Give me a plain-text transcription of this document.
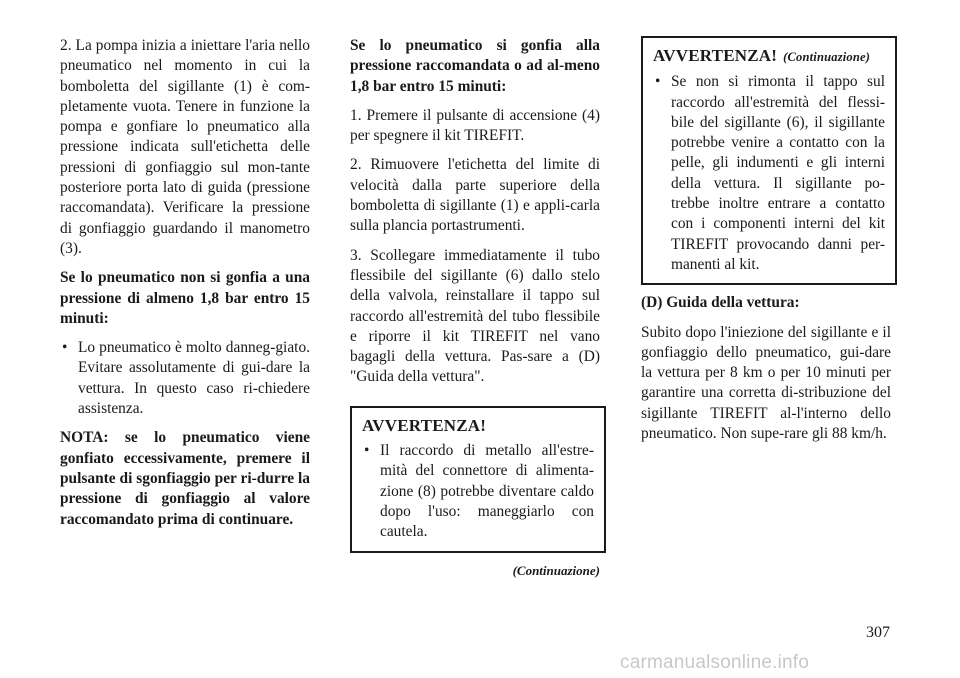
2. La pompa inizia a iniettare l'aria nello pneumatico nel momento in cui la bomboletta del sigillante (1) è com-pletamente vuota. Tenere in funzione la pompa e gonfiare lo pneumatico alla pressione indicata sull'etichetta delle pressioni di gonfiaggio sul mon-tante posteriore porta lato di guida (pressione raccomandata). Verificare la pressione di gonfiaggio guardando il manometro (3).

Se lo pneumatico non si gonfia a una pressione di almeno 1,8 bar entro 15 minuti:

• Lo pneumatico è molto danneg-giato. Evitare assolutamente di gui-dare la vettura. In questo caso ri-chiedere assistenza.

NOTA: se lo pneumatico viene gonfiato eccessivamente, premere il pulsante di sgonfiaggio per ri-durre la pressione di gonfiaggio al valore raccomandato prima di continuare.

Se lo pneumatico si gonfia alla pressione raccomandata o ad al-meno 1,8 bar entro 15 minuti:

1. Premere il pulsante di accensione (4) per spegnere il kit TIREFIT.

2. Rimuovere l'etichetta del limite di velocità dalla parte superiore della bomboletta di sigillante (1) e appli-carla sulla plancia portastrumenti.

3. Scollegare immediatamente il tubo flessibile del sigillante (6) dallo stelo della valvola, reinstallare il tappo sul raccordo all'estremità del tubo flessibile e riporre il kit TIREFIT nel vano bagagli della vettura. Pas-sare a (D) "Guida della vettura".

AVVERTENZA!
• Il raccordo di metallo all'estre-mità del connettore di alimenta-zione (8) potrebbe diventare caldo dopo l'uso: maneggiarlo con cautela.
(Continuazione)
AVVERTENZA! (Continuazione)
• Se non si rimonta il tappo sul raccordo all'estremità del flessi-bile del sigillante (6), il sigillante potrebbe venire a contatto con la pelle, gli indumenti e gli interni della vettura. Il sigillante po-trebbe inoltre entrare a contatto con i componenti interni del kit TIREFIT provocando danni per-manenti al kit.

(D) Guida della vettura:

Subito dopo l'iniezione del sigillante e il gonfiaggio dello pneumatico, gui-dare la vettura per 8 km o per 10 minuti per garantire una corretta di-stribuzione del sigillante TIREFIT al-l'interno dello pneumatico. Non supe-rare gli 88 km/h.

307
carmanualsonline.info
